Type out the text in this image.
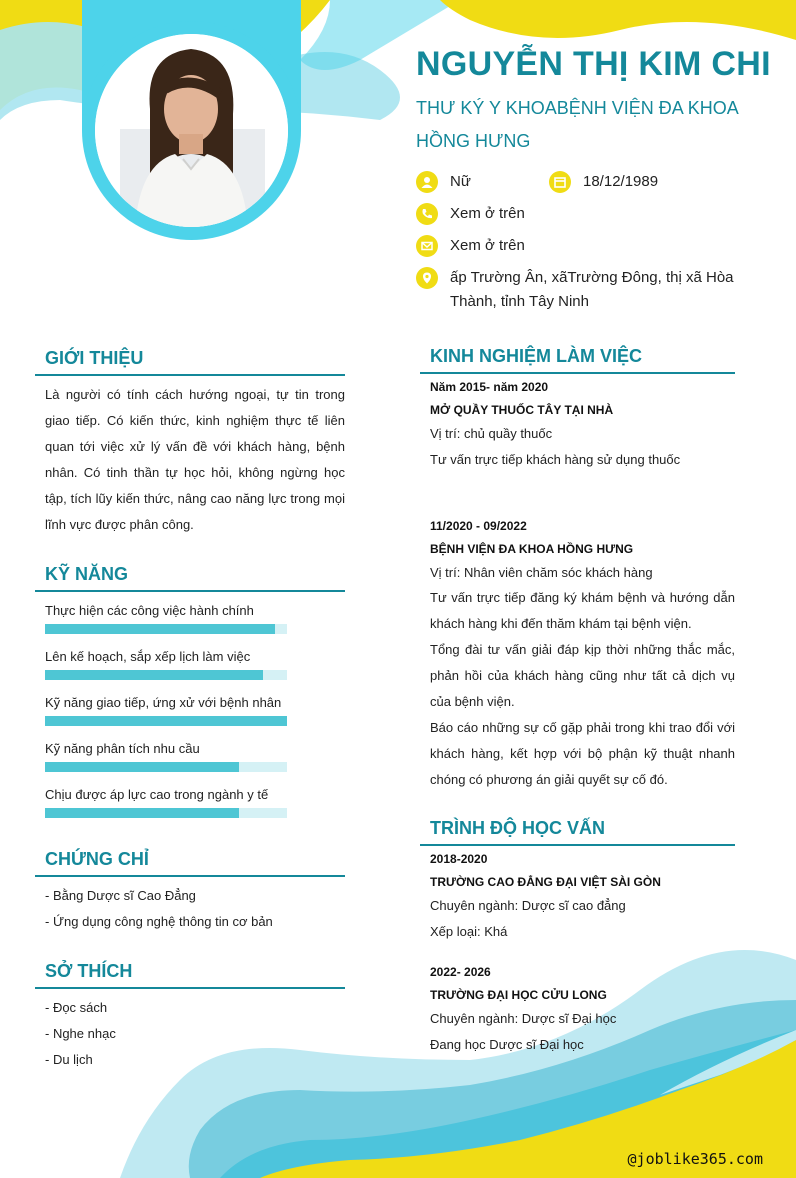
NGUYỄN THỊ KIM CHI
THƯ KÝ Y KHOABỆNH VIỆN ĐA KHOA HỒNG HƯNG
Nữ	18/12/1989
Xem ở trên
Xem ở trên
ấp Trường Ân, xãTrường Đông, thị xã Hòa Thành, tỉnh Tây Ninh
GIỚI THIỆU
Là người có tính cách hướng ngoại, tự tin trong giao tiếp. Có kiến thức, kinh nghiệm thực tế liên quan tới việc xử lý vấn đề với khách hàng, bệnh nhân. Có tinh thần tự học hỏi, không ngừng học tập, tích lũy kiến thức, nâng cao năng lực trong mọi lĩnh vực được phân công.
KỸ NĂNG
Thực hiện các công việc hành chính
Lên kế hoạch, sắp xếp lịch làm việc
Kỹ năng giao tiếp, ứng xử với bệnh nhân
Kỹ năng phân tích nhu cầu
Chịu được áp lực cao trong ngành y tế
CHỨNG CHỈ
- Bằng Dược sĩ Cao Đẳng
- Ứng dụng công nghệ thông tin cơ bản
SỞ THÍCH
- Đọc sách
- Nghe nhạc
- Du lịch
KINH NGHIỆM LÀM VIỆC
Năm 2015- năm 2020
MỞ QUẦY THUỐC TÂY TẠI NHÀ
Vị trí: chủ quầy thuốc
Tư vấn trực tiếp khách hàng sử dụng thuốc
11/2020 - 09/2022
BỆNH VIỆN ĐA KHOA HỒNG HƯNG
Vị trí: Nhân viên chăm sóc khách hàng
Tư vấn trực tiếp đăng ký khám bệnh và hướng dẫn khách hàng khi đến thăm khám tại bệnh viện.
Tổng đài tư vấn giải đáp kịp thời những thắc mắc, phản hồi của khách hàng cũng như tất cả dịch vụ của bệnh viện.
Báo cáo những sự cố gặp phải trong khi trao đổi với khách hàng, kết hợp với bộ phận kỹ thuật nhanh chóng có phương án giải quyết sự cố đó.
TRÌNH ĐỘ HỌC VẤN
2018-2020
TRƯỜNG CAO ĐẲNG ĐẠI VIỆT SÀI GÒN
Chuyên ngành: Dược sĩ cao đẳng
Xếp loại: Khá
2022- 2026
TRƯỜNG ĐẠI HỌC CỬU LONG
Chuyên ngành: Dược sĩ Đại học
Đang học Dược sĩ Đại học
@joblike365.com
